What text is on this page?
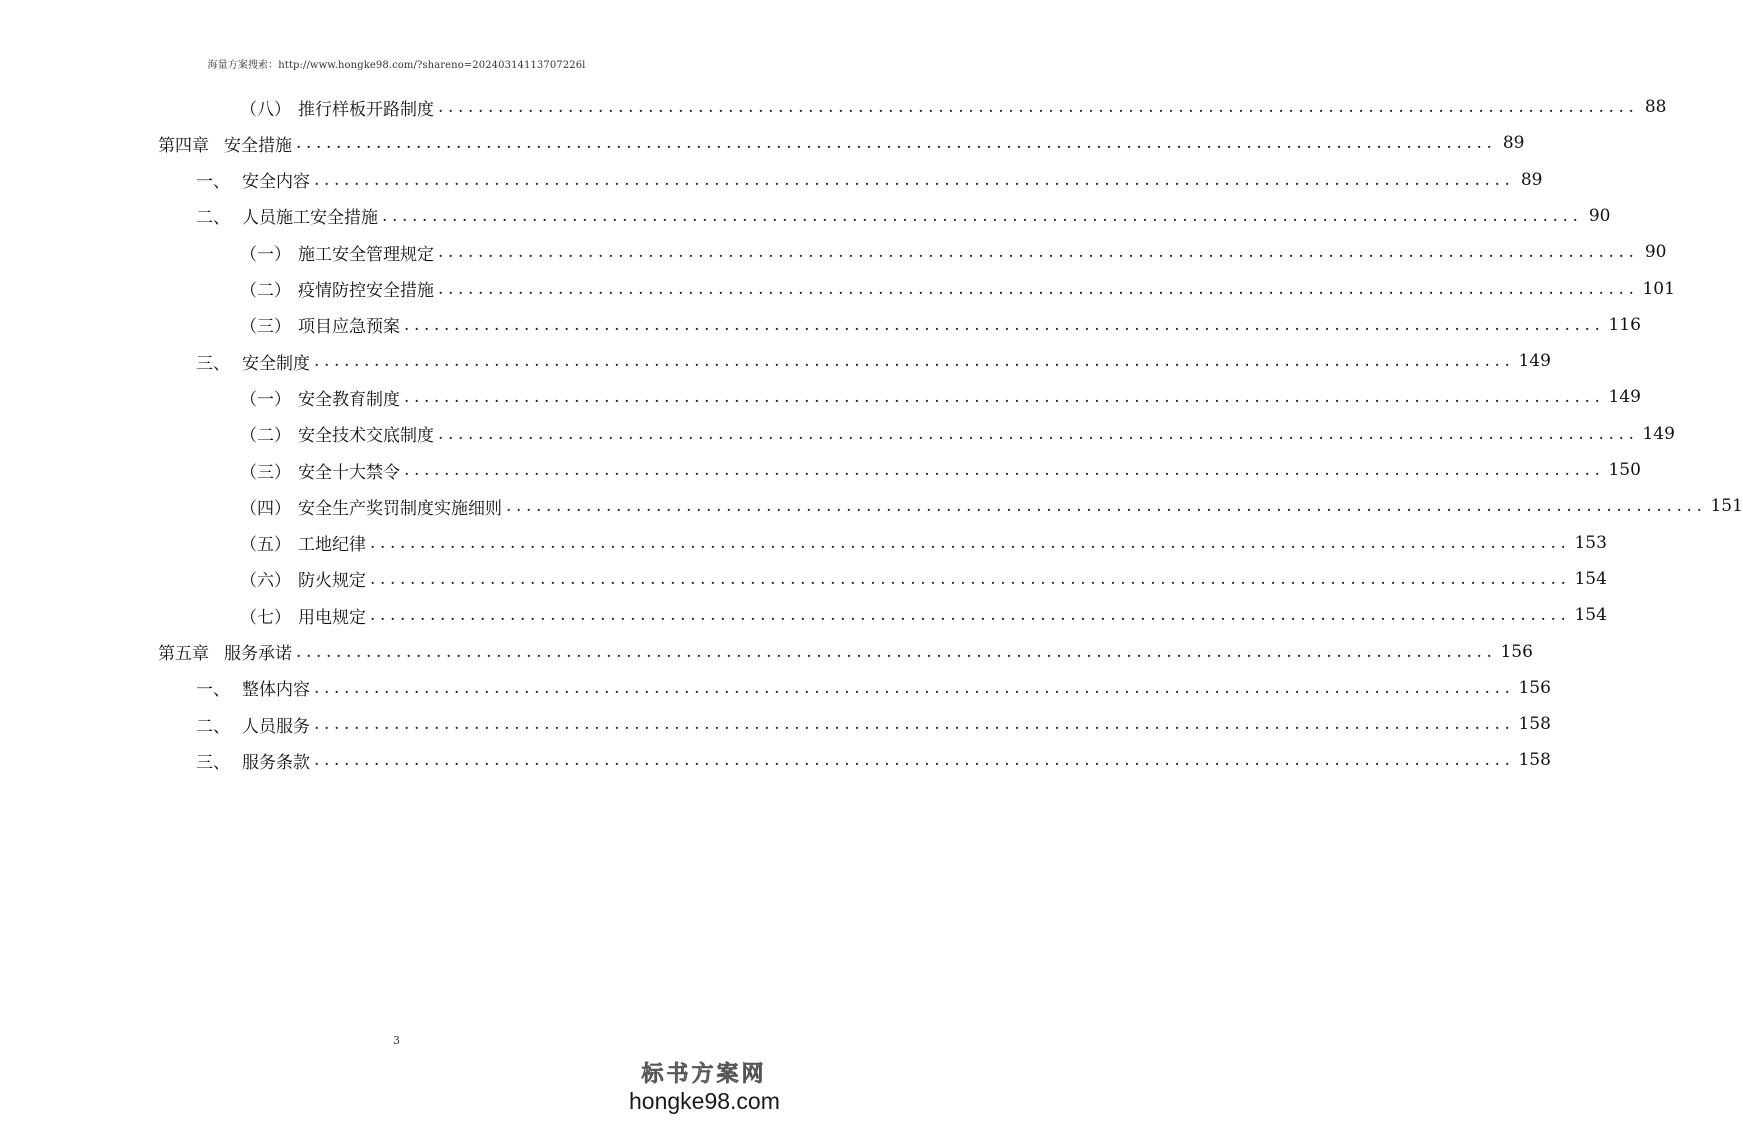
海量方案搜索：http://www.hongke98.com/?shareno=20240314113707226l
（八） 推行样板开路制度 ........................................................................................................................ 88
第四章 安全措施 ........................................................................................................................ 89
一、 安全内容 ........................................................................................................................ 89
二、 人员施工安全措施 ........................................................................................................................ 90
（一） 施工安全管理规定 ........................................................................................................................ 90
（二） 疫情防控安全措施 ........................................................................................................................ 101
（三） 项目应急预案 ........................................................................................................................ 116
三、 安全制度 ........................................................................................................................ 149
（一） 安全教育制度 ........................................................................................................................ 149
（二） 安全技术交底制度 ........................................................................................................................ 149
（三） 安全十大禁令 ........................................................................................................................ 150
（四） 安全生产奖罚制度实施细则 ........................................................................................................................ 151
（五） 工地纪律 ........................................................................................................................ 153
（六） 防火规定 ........................................................................................................................ 154
（七） 用电规定 ........................................................................................................................ 154
第五章 服务承诺 ........................................................................................................................ 156
一、 整体内容 ........................................................................................................................ 156
二、 人员服务 ........................................................................................................................ 158
三、 服务条款 ........................................................................................................................ 158
3
标书方案网
hongke98.com
